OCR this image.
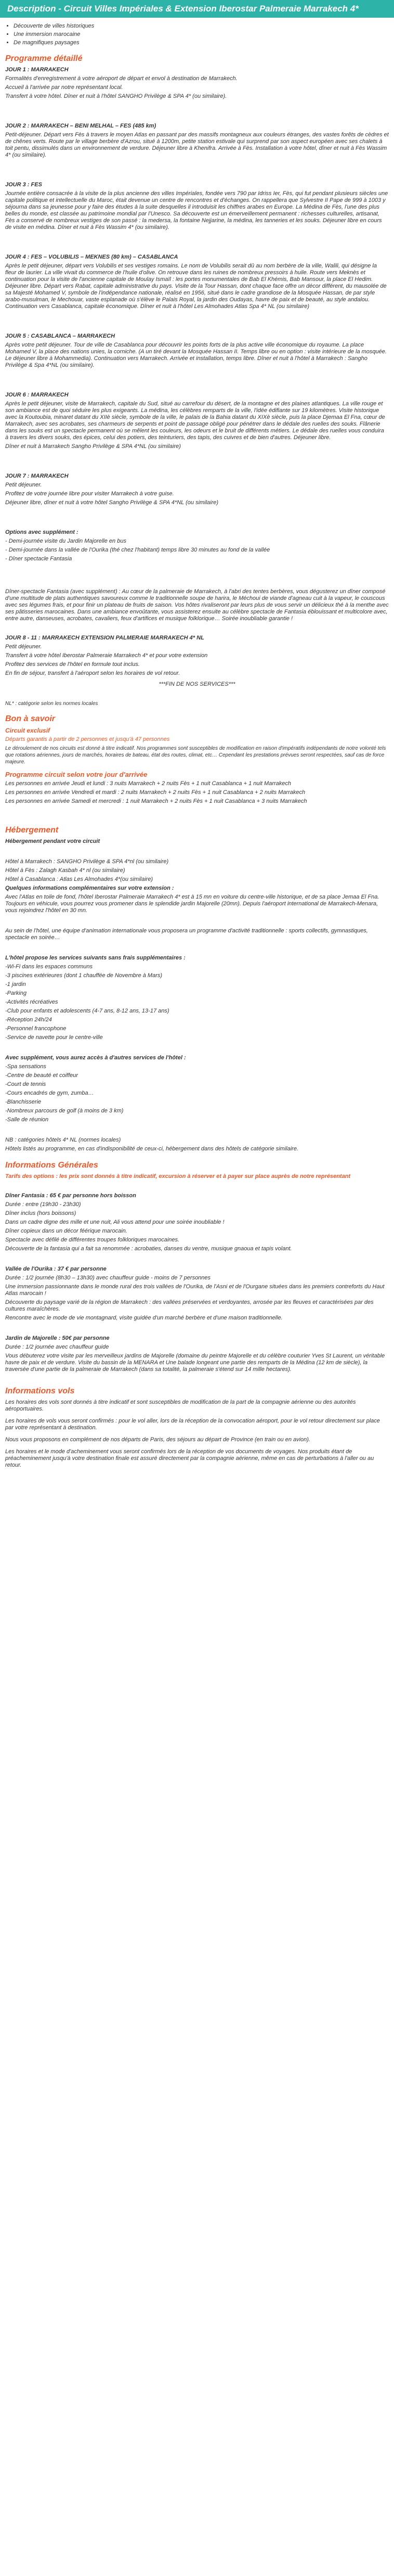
Description - Circuit Villes Impériales & Extension Iberostar Palmeraie Marrakech 4*
• Découverte de villes historiques
• Une immersion marocaine
• De magnifiques paysages
Programme détaillé

JOUR 1 : MARRAKECH

Formalités d'enregistrement à votre aéroport de départ et envol à destination de Marrakech.

Accueil à l'arrivée par notre représentant local.

Transfert à votre hôtel. Dîner et nuit à l'hôtel SANGHO Privilège & SPA 4* (ou similaire).

JOUR 2 : MARRAKECH – BENI MELHAL – FES (485 km)

Petit-déjeuner. Départ vers Fès à travers le moyen Atlas en passant par des massifs montagneux aux couleurs étranges, des vastes forêts de cèdres et de chênes verts. Route par le village berbère d'Azrou, situé à 1200m, petite station estivale qui surprend par son aspect européen avec ses chalets à toit pentu, dissimulés dans un environnement de verdure. Déjeuner libre à Khenifra. Arrivée à Fès. Installation à votre hôtel, dîner et nuit à Fès Wassim 4* (ou similaire).

JOUR 3 : FES

Journée entière consacrée à la visite de la plus ancienne des villes Impériales, fondée vers 790 par Idriss Ier, Fès, qui fut pendant plusieurs siècles une capitale politique et intellectuelle du Maroc, était devenue un centre de rencontres et d'échanges. On rappellera que Sylvestre II Pape de 999 à 1003 y séjourna dans sa jeunesse pour y faire des études à la suite desquelles il introduisit les chiffres arabes en Europe. La Médina de Fès, l'une des plus belles du monde, est classée au patrimoine mondial par l'Unesco. Sa découverte est un émerveillement permanent : richesses culturelles, artisanat, Fès a conservé de nombreux vestiges de son passé : la medersa, la fontaine Nejjarine, la médina, les tanneries et les souks. Déjeuner libre en cours de visite en médina. Dîner et nuit à Fès Wassim 4* (ou similaire).

JOUR 4 : FES – VOLUBILIS – MEKNES (80 km) – CASABLANCA

Après le petit déjeuner, départ vers Volubilis et ses vestiges romains. Le nom de Volubilis serait dû au nom berbère de la ville, Walili, qui désigne la fleur de laurier. La ville vivait du commerce de l'huile d'olive. On retrouve dans les ruines de nombreux pressoirs à huile. Route vers Meknès et continuation pour la visite de l'ancienne capitale de Moulay Ismaïl : les portes monumentales de Bab El Khémis, Bab Mansour, la place El Hedim. Déjeuner libre. Départ vers Rabat, capitale administrative du pays. Visite de la Tour Hassan, dont chaque face offre un décor différent, du mausolée de sa Majesté Mohamed V, symbole de l'indépendance nationale, réalisé en 1956, situé dans le cadre grandiose de la Mosquée Hassan, de par style arabo-musulman, le Mechouar, vaste esplanade où s'élève le Palais Royal, la jardin des Oudayas, havre de paix et de beauté, au style andalou. Continuation vers Casablanca, capitale économique. Dîner et nuit à l'hôtel Les Almohades Atlas Spa 4* NL (ou similaire)

JOUR 5 : CASABLANCA – MARRAKECH

Après votre petit déjeuner. Tour de ville de Casablanca pour découvrir les points forts de la plus active ville économique du royaume. La place Mohamed V, la place des nations unies, la corniche. (A un tiré devant la Mosquée Hassan II. Temps libre ou en option : visite intérieure de la mosquée. Le déjeuner libre à Mohammedia). Continuation vers Marrakech. Arrivée et installation, temps libre. Dîner et nuit à l'hôtel à Marrakech : Sangho Privilège & Spa 4*NL (ou similaire).

JOUR 6 : MARRAKECH

Après le petit déjeuner, visite de Marrakech, capitale du Sud, situé au carrefour du désert, de la montagne et des plaines atlantiques. La ville rouge et son ambiance est de quoi séduire les plus exigeants. La médina, les célèbres remparts de la ville, l'idée édifiante sur 19 kilomètres. Visite historique avec la Koutoubia, minaret datant du XIIè siècle, symbole de la ville, le palais de la Bahia datant du XIXè siècle, puis la place Djemaa El Fna, cœur de Marrakech, avec ses acrobates, ses charmeurs de serpents et point de passage obligé pour pénétrer dans le dédale des ruelles des souks. Flânerie dans les souks est un spectacle permanent où se mêlent les couleurs, les odeurs et le bruit de différents métiers. Le dédale des ruelles vous conduira à travers les divers souks, des épices, celui des potiers, des teinturiers, des tapis, des cuivres et de bien d'autres. Déjeuner libre.

Dîner et nuit à Marrakech Sangho Privilège & SPA 4*NL (ou similaire)

JOUR 7 : MARRAKECH

Petit déjeuner.

Profitez de votre journée libre pour visiter Marrakech à votre guise.

Déjeuner libre, dîner et nuit à votre hôtel Sangho Privilège & SPA 4*NL (ou similaire)

Options avec supplément :

- Demi-journée visite du Jardin Majorelle en bus

- Demi-journée dans la vallée de l'Ourika (thé chez l'habitant) temps libre 30 minutes au fond de la vallée

- Dîner spectacle Fantasia

Dîner-spectacle Fantasia (avec supplément) : Au cœur de la palmeraie de Marrakech, à l'abri des tentes berbères, vous dégusterez un dîner composé d'une multitude de plats authentiques savoureux comme le traditionnelle soupe de harira, le Méchoui de viande d'agneau cuit à la vapeur, le couscous avec ses légumes frais, et pour finir un plateau de fruits de saison. Vos hôtes rivaliseront par leurs plus de vous servir un délicieux thé à la menthe avec ses pâtisseries marocaines. Dans une ambiance envoûtante, vous assisterez ensuite au célèbre spectacle de Fantasia éblouissant et multicolore avec, entre autre, danseuses, acrobates, cavaliers, feux d'artifices et musique folklorique… Soirée inoubliable garantie !

JOUR 8 - 11 : MARRAKECH EXTENSION PALMERAIE MARRAKECH 4* NL

Petit déjeuner.

Transfert à votre hôtel Iberostar Palmeraie Marrakech 4* et pour votre extension

Profitez des services de l'hôtel en formule tout inclus.

En fin de séjour, transfert à l'aéroport selon les horaires de vol retour.

***FIN DE NOS SERVICES***

NL* : catégorie selon les normes locales

Bon à savoir
Circuit exclusif

Départs garantis à partir de 2 personnes et jusqu'à 47 personnes

Le déroulement de nos circuits est donné à titre indicatif. Nos programmes sont susceptibles de modification en raison d'impératifs indépendants de notre volonté tels que rotations aériennes, jours de marchés, horaires de bateau, état des routes, climat, etc… Cependant les prestations prévues seront respectées, sauf cas de force majeure.

Programme circuit selon votre jour d'arrivée

Les personnes en arrivée Jeudi et lundi : 3 nuits Marrakech + 2 nuits Fès + 1 nuit Casablanca + 1 nuit Marrakech

Les personnes en arrivée Vendredi et mardi : 2 nuits Marrakech + 2 nuits Fès + 1 nuit Casablanca + 2 nuits Marrakech

Les personnes en arrivée Samedi et mercredi : 1 nuit Marrakech + 2 nuits Fès + 1 nuit Casablanca + 3 nuits Marrakech

Hébergement

Hébergement pendant votre circuit

Hôtel à Marrakech : SANGHO Privilège & SPA 4*nl (ou similaire)

Hôtel à Fès : Zalagh Kasbah 4* nl (ou similaire)

Hôtel à Casablanca : Atlas Les Almohades 4*(ou similaire)

Quelques informations complémentaires sur votre extension :

Avec l'Atlas en toile de fond, l'hôtel Iberostar Palmeraie Marrakech 4* est à 15 mn en voiture du centre-ville historique, et de sa place Jemaa El Fna. Toujours en véhicule, vous pourrez vous promener dans le splendide jardin Majorelle (20mn). Depuis l'aéroport international de Marrakech-Menara, vous rejoindrez l'hôtel en 30 mn.

Au sein de l'hôtel, une équipe d'animation internationale vous proposera un programme d'activité traditionnelle : sports collectifs, gymnastiques, spectacle en soirée…

L'hôtel propose les services suivants sans frais supplémentaires :

-Wi-Fi dans les espaces communs

-3 piscines extérieures (dont 1 chauffée de Novembre à Mars)

-1 jardin

-Parking

-Activités récréatives

-Club pour enfants et adolescents (4-7 ans, 8-12 ans, 13-17 ans)

-Réception 24h/24

-Personnel francophone

-Service de navette pour le centre-ville

Avec supplément, vous aurez accès à d'autres services de l'hôtel :

-Spa sensations

-Centre de beauté et coiffeur

-Court de tennis

-Cours encadrés de gym, zumba…

-Blanchisserie

-Nombreux parcours de golf (à moins de 3 km)

-Salle de réunion

NB : catégories hôtels 4* NL (normes locales)

Hôtels listés au programme, en cas d'indisponibilité de ceux-ci, hébergement dans des hôtels de catégorie similaire.

Informations Générales

Tarifs des options : les prix sont donnés à titre indicatif, excursion à réserver et à payer sur place auprès de notre représentant

Dîner Fantasia : 65 € par personne hors boisson

Durée : entre (19h30 - 23h30)

Dîner inclus (hors boissons)

Dans un cadre digne des mille et une nuit, Ali vous attend pour une soirée inoubliable !

Dîner copieux dans un décor féérique marocain.

Spectacle avec défilé de différentes troupes folkloriques marocaines.

Découverte de la fantasia qui a fait sa renommée : acrobaties, danses du ventre, musique gnaoua et tapis volant.

Vallée de l'Ourika : 37 € par personne

Durée : 1/2 journée (8h30 – 13h30) avec chauffeur guide - moins de 7 personnes

Une immersion passionnante dans le monde rural des trois vallées de l'Ourika, de l'Asni et de l'Ourgane situées dans les premiers contreforts du Haut Atlas marocain !

Découverte du paysage varié de la région de Marrakech : des vallées préservées et verdoyantes, arrosée par les fleuves et caractérisées par des cultures maraîchères.

Rencontre avec le mode de vie montagnard, visite guidée d'un marché berbère et d'une maison traditionnelle.

Jardin de Majorelle : 50€ par personne

Durée : 1/2 journée avec chauffeur guide

Vous débuterez votre visite par les merveilleux jardins de Majorelle (domaine du peintre Majorelle et du célèbre couturier Yves St Laurent, un véritable havre de paix et de verdure. Visite du bassin de la MENARA et Une balade longeant une partie des remparts de la Médina (12 km de siècle), la traversée d'une partie de la palmeraie de Marrakech (dans sa totalité, la palmeraie s'étend sur 14 mille hectares).

Informations vols

Les horaires des vols sont donnés à titre indicatif et sont susceptibles de modification de la part de la compagnie aérienne ou des autorités aéroportuaires.

Les horaires de vols vous seront confirmés : pour le vol aller, lors de la réception de la convocation aéroport, pour le vol retour directement sur place par votre représentant à destination.

Nous vous proposons en complément de nos départs de Paris, des séjours au départ de Province (en train ou en avion).

Les horaires et le mode d'acheminement vous seront confirmés lors de la réception de vos documents de voyages. Nos produits étant de préacheminement jusqu'à votre destination finale est assuré directement par la compagnie aérienne, même en cas de perturbations à l'aller ou au retour.
